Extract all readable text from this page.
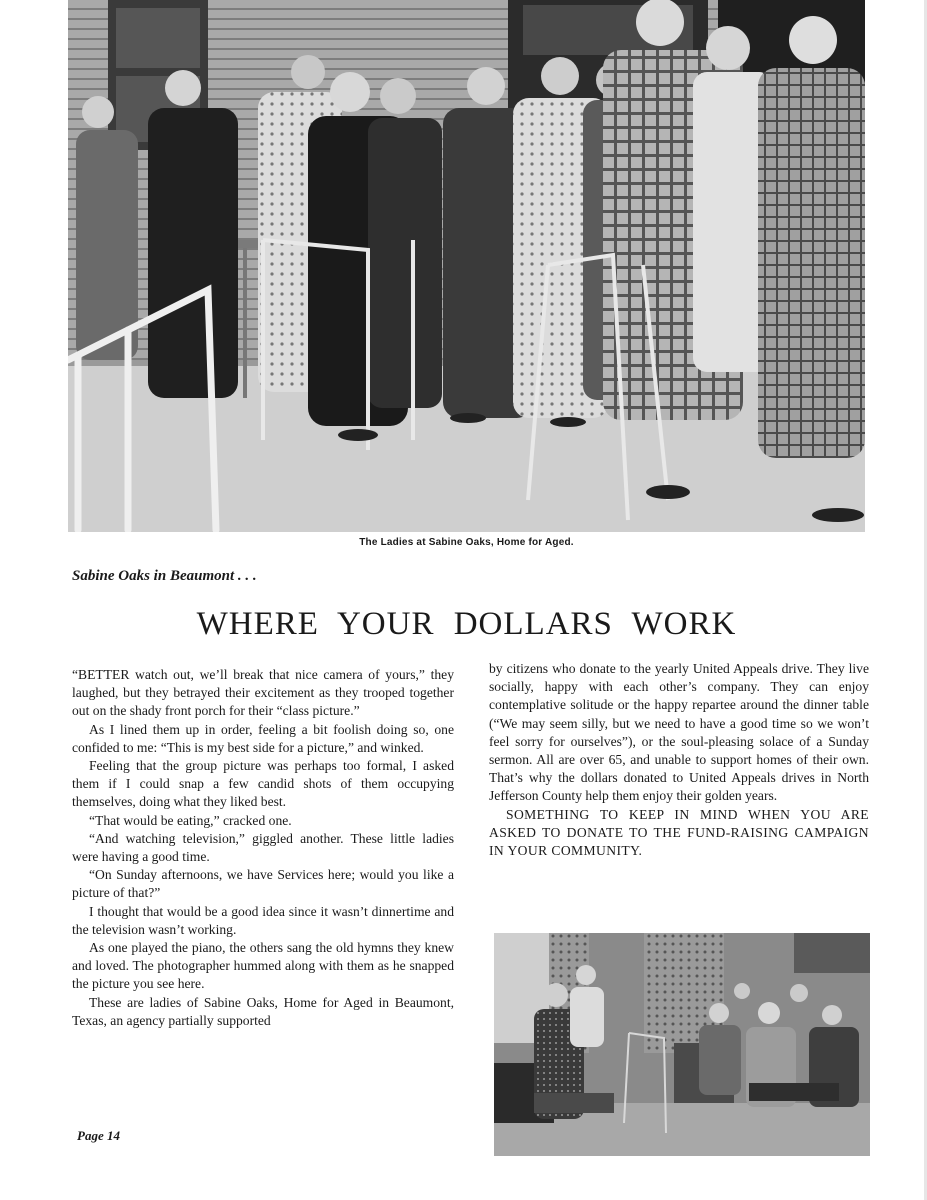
The Ladies at Sabine Oaks, Home for Aged.
Sabine Oaks in Beaumont . . .
WHERE YOUR DOLLARS WORK

“BETTER watch out, we’ll break that nice camera of yours,” they laughed, but they betrayed their excitement as they trooped together out on the shady front porch for their “class picture.”

As I lined them up in order, feeling a bit foolish doing so, one confided to me: “This is my best side for a picture,” and winked.

Feeling that the group picture was perhaps too formal, I asked them if I could snap a few candid shots of them occupying themselves, doing what they liked best.

“That would be eating,” cracked one.

“And watching television,” giggled another. These little ladies were having a good time.

“On Sunday afternoons, we have Services here; would you like a picture of that?”

I thought that would be a good idea since it wasn’t dinnertime and the television wasn’t working.

As one played the piano, the others sang the old hymns they knew and loved. The photographer hummed along with them as he snapped the picture you see here.

These are ladies of Sabine Oaks, Home for Aged in Beaumont, Texas, an agency partially supported

by citizens who donate to the yearly United Appeals drive. They live socially, happy with each other’s company. They can enjoy contemplative solitude or the happy repartee around the dinner table (“We may seem silly, but we need to have a good time so we won’t feel sorry for ourselves”), or the soul-pleasing solace of a Sunday sermon. All are over 65, and unable to support homes of their own. That’s why the dollars donated to United Appeals drives in North Jefferson County help them enjoy their golden years.

SOMETHING TO KEEP IN MIND WHEN YOU ARE ASKED TO DONATE TO THE FUND-RAISING CAMPAIGN IN YOUR COMMUNITY.

Page 14
